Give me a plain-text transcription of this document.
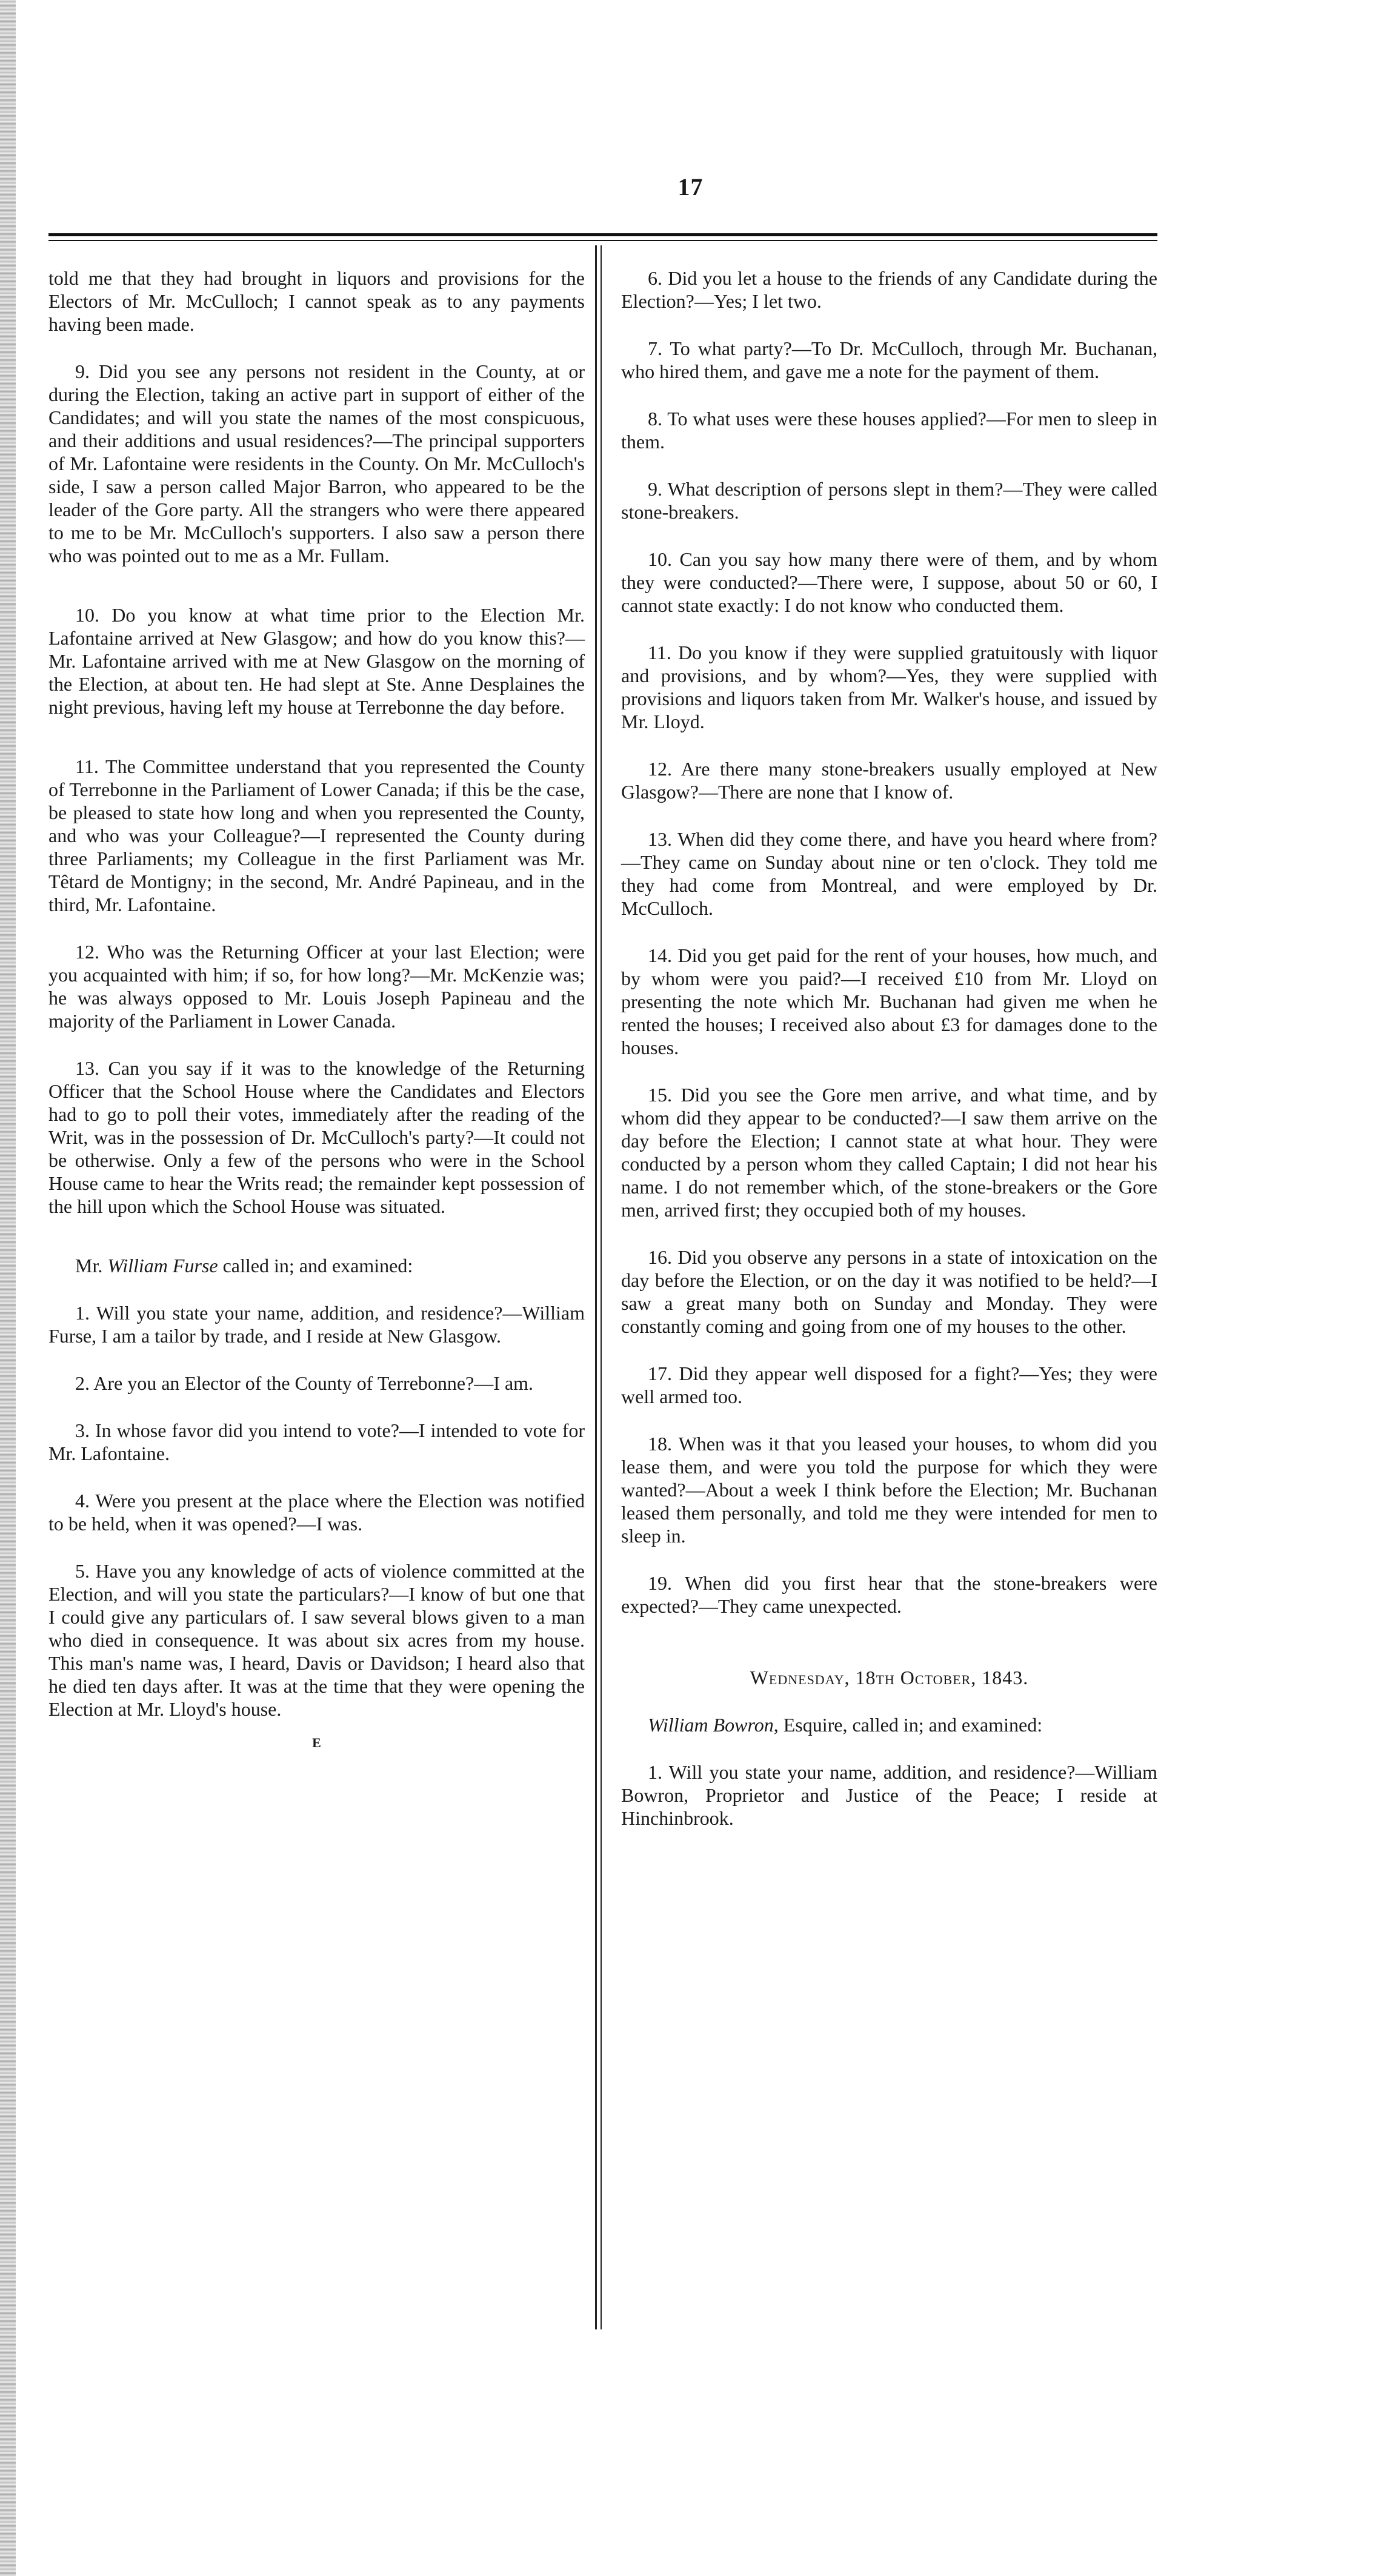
17

told me that they had brought in liquors and provisions for the Electors of Mr. McCulloch; I cannot speak as to any payments having been made.

9. Did you see any persons not resident in the County, at or during the Election, taking an active part in support of either of the Candidates; and will you state the names of the most conspicuous, and their additions and usual residences?—The principal supporters of Mr. Lafontaine were residents in the County. On Mr. McCulloch's side, I saw a person called Major Barron, who appeared to be the leader of the Gore party. All the strangers who were there appeared to me to be Mr. McCulloch's supporters. I also saw a person there who was pointed out to me as a Mr. Fullam.

10. Do you know at what time prior to the Election Mr. Lafontaine arrived at New Glasgow; and how do you know this?—Mr. Lafontaine arrived with me at New Glasgow on the morning of the Election, at about ten. He had slept at Ste. Anne Desplaines the night previous, having left my house at Terrebonne the day before.

11. The Committee understand that you represented the County of Terrebonne in the Parliament of Lower Canada; if this be the case, be pleased to state how long and when you represented the County, and who was your Colleague?—I represented the County during three Parliaments; my Colleague in the first Parliament was Mr. Têtard de Montigny; in the second, Mr. André Papineau, and in the third, Mr. Lafontaine.

12. Who was the Returning Officer at your last Election; were you acquainted with him; if so, for how long?—Mr. McKenzie was; he was always opposed to Mr. Louis Joseph Papineau and the majority of the Parliament in Lower Canada.

13. Can you say if it was to the knowledge of the Returning Officer that the School House where the Candidates and Electors had to go to poll their votes, immediately after the reading of the Writ, was in the possession of Dr. McCulloch's party?—It could not be otherwise. Only a few of the persons who were in the School House came to hear the Writs read; the remainder kept possession of the hill upon which the School House was situated.

Mr. William Furse called in; and examined:

1. Will you state your name, addition, and residence?—William Furse, I am a tailor by trade, and I reside at New Glasgow.

2. Are you an Elector of the County of Terrebonne?—I am.

3. In whose favor did you intend to vote?—I intended to vote for Mr. Lafontaine.

4. Were you present at the place where the Election was notified to be held, when it was opened?—I was.

5. Have you any knowledge of acts of violence committed at the Election, and will you state the particulars?—I know of but one that I could give any particulars of. I saw several blows given to a man who died in consequence. It was about six acres from my house. This man's name was, I heard, Davis or Davidson; I heard also that he died ten days after. It was at the time that they were opening the Election at Mr. Lloyd's house.

E

6. Did you let a house to the friends of any Candidate during the Election?—Yes; I let two.

7. To what party?—To Dr. McCulloch, through Mr. Buchanan, who hired them, and gave me a note for the payment of them.

8. To what uses were these houses applied?—For men to sleep in them.

9. What description of persons slept in them?—They were called stone-breakers.

10. Can you say how many there were of them, and by whom they were conducted?—There were, I suppose, about 50 or 60, I cannot state exactly: I do not know who conducted them.

11. Do you know if they were supplied gratuitously with liquor and provisions, and by whom?—Yes, they were supplied with provisions and liquors taken from Mr. Walker's house, and issued by Mr. Lloyd.

12. Are there many stone-breakers usually employed at New Glasgow?—There are none that I know of.

13. When did they come there, and have you heard where from?—They came on Sunday about nine or ten o'clock. They told me they had come from Montreal, and were employed by Dr. McCulloch.

14. Did you get paid for the rent of your houses, how much, and by whom were you paid?—I received £10 from Mr. Lloyd on presenting the note which Mr. Buchanan had given me when he rented the houses; I received also about £3 for damages done to the houses.

15. Did you see the Gore men arrive, and what time, and by whom did they appear to be conducted?—I saw them arrive on the day before the Election; I cannot state at what hour. They were conducted by a person whom they called Captain; I did not hear his name. I do not remember which, of the stone-breakers or the Gore men, arrived first; they occupied both of my houses.

16. Did you observe any persons in a state of intoxication on the day before the Election, or on the day it was notified to be held?—I saw a great many both on Sunday and Monday. They were constantly coming and going from one of my houses to the other.

17. Did they appear well disposed for a fight?—Yes; they were well armed too.

18. When was it that you leased your houses, to whom did you lease them, and were you told the purpose for which they were wanted?—About a week I think before the Election; Mr. Buchanan leased them personally, and told me they were intended for men to sleep in.

19. When did you first hear that the stone-breakers were expected?—They came unexpected.

Wednesday, 18th October, 1843.

William Bowron, Esquire, called in; and examined:

1. Will you state your name, addition, and residence?—William Bowron, Proprietor and Justice of the Peace; I reside at Hinchinbrook.
